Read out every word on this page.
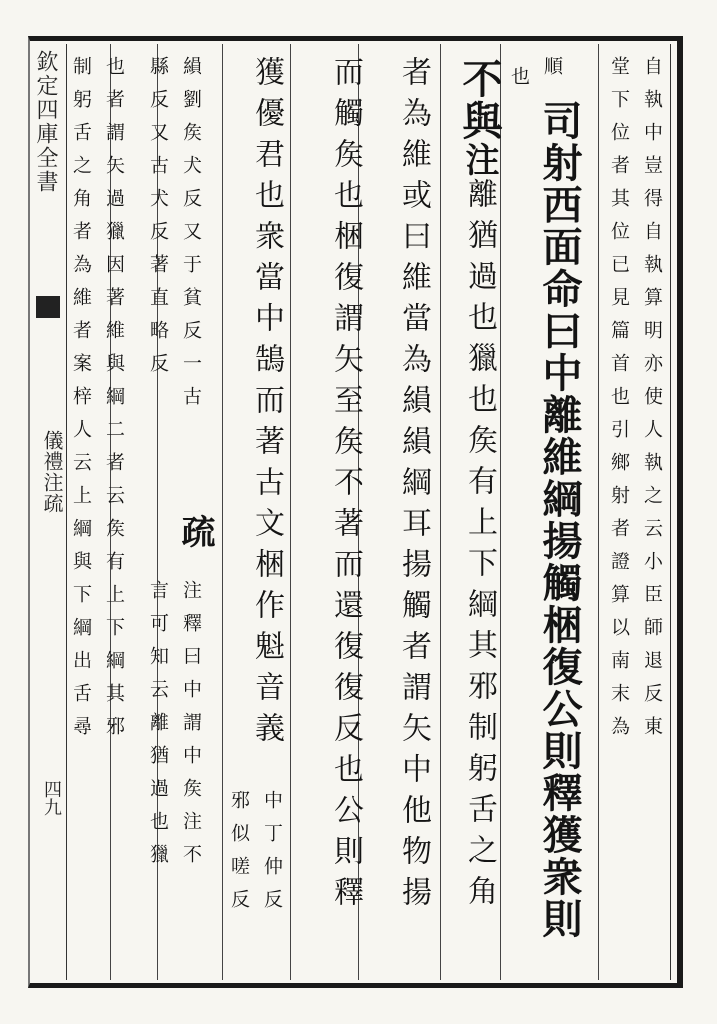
欽定四庫全書
儀禮注疏
四九
自執中豈得自執算明亦使人執之云小臣師退反東
堂下位者其位已見篇首也引鄉射者證算以南末為
順
也
司射西面命曰中離維綱揚觸梱復公則釋獲衆則
不與注離猶過也獵也矦有上下綱其邪制躬舌之角
者為維或曰維當為縜縜綱耳揚觸者謂矢中他物揚
而觸矦也梱復謂矢至矦不著而還復復反也公則釋
獲優君也衆當中鵠而著古文梱作魁音義
中丁仲反
邪似嗟反
縜劉矦犬反又于貧反一古
縣反又古犬反著直略反
疏
注釋曰中謂中矦注不
言可知云離猶過也獵
也者謂矢過獵因著維與綱二者云矦有上下綱其邪
制躬舌之角者為維者案梓人云上綱與下綱出舌尋
